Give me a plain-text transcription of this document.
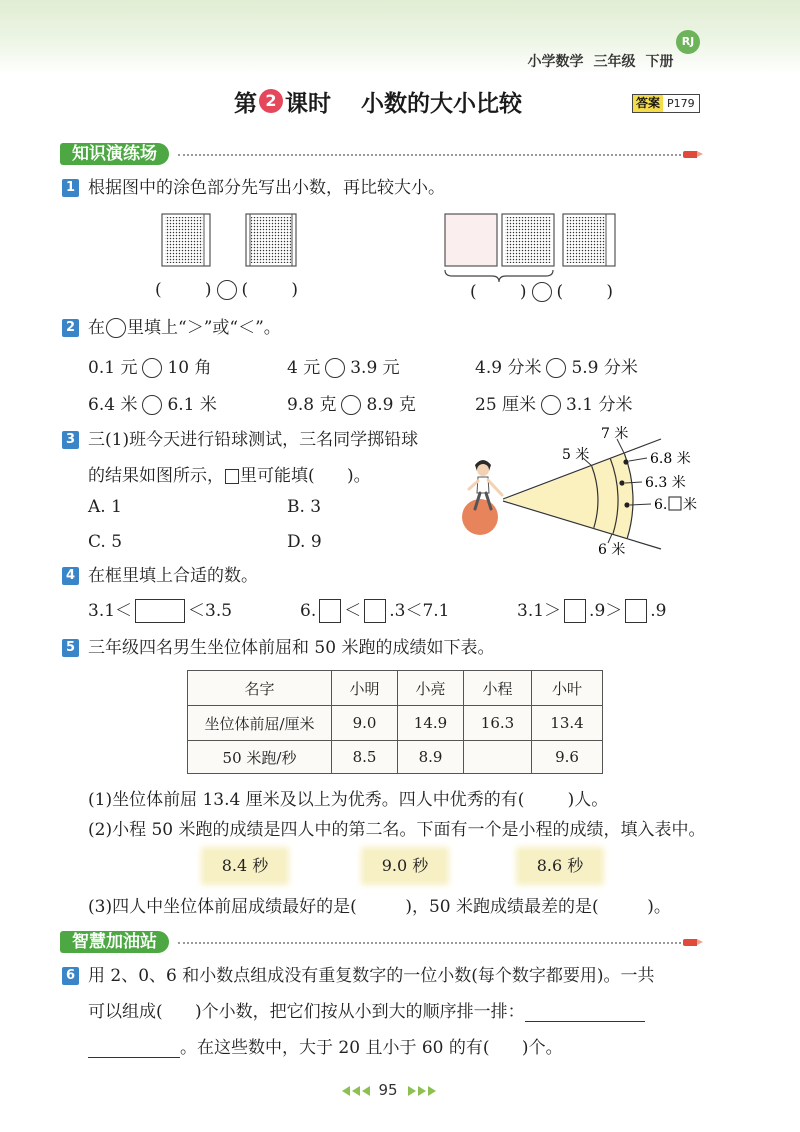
小学数学 三年级 下册

RJ
第 2 课时 小数的大小比较	答案 P179
知识演练场
1 根据图中的涂色部分先写出小数，再比较大小。
(        ) (        )	(        ) (        )
2 在 里填上“＞”或“＜”。
0.1 元 10 角	4 元 3.9 元	4.9 分米 5.9 分米
6.4 米 6.1 米	9.8 克 8.9 克	25 厘米 3.1 分米
3 三(1)班今天进行铅球测试，三名同学掷铅球
的结果如图所示， 里可能填(      )。
A. 1	B. 3
C. 5	D. 9
7 米
5 米	6.8 米
6.3 米
6. 米
6 米
4 在框里填上合适的数。
3.1＜	＜3.5	6. ＜ .3＜7.1	3.1＞ .9＞ .9
5 三年级四名男生坐位体前屈和 50 米跑的成绩如下表。
名字	小明	小亮	小程	小叶
坐位体前屈/厘米	9.0	14.9	16.3	13.4
50 米跑/秒	8.5	8.9		9.6
(1)坐位体前屈 13.4 厘米及以上为优秀。四人中优秀的有(        )人。
(2)小程 50 米跑的成绩是四人中的第二名。下面有一个是小程的成绩，填入表中。
8.4 秒	9.0 秒	8.6 秒
(3)四人中坐位体前屈成绩最好的是(         )，50 米跑成绩最差的是(         )。
智慧加油站
6 用 2、0、6 和小数点组成没有重复数字的一位小数(每个数字都要用)。一共
可以组成(      )个小数，把它们按从小到大的顺序排一排：
。在这些数中，大于 20 且小于 60 的有(      )个。
95
